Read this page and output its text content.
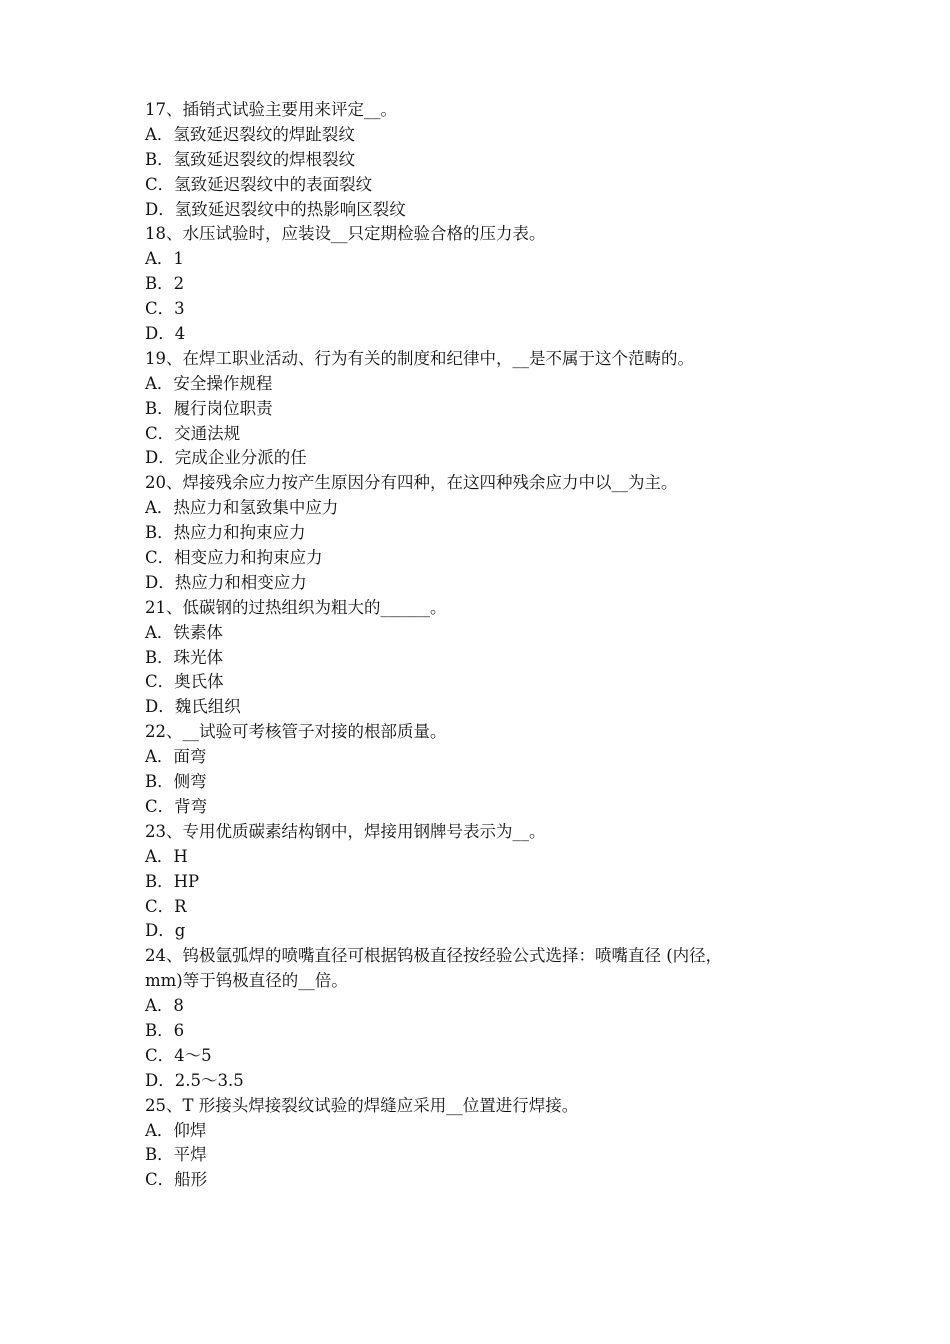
17、插销式试验主要用来评定__。
A．氢致延迟裂纹的焊趾裂纹
B．氢致延迟裂纹的焊根裂纹
C．氢致延迟裂纹中的表面裂纹
D．氢致延迟裂纹中的热影响区裂纹
18、水压试验时，应装设__只定期检验合格的压力表。
A．1
B．2
C．3
D．4
19、在焊工职业活动、行为有关的制度和纪律中，__是不属于这个范畴的。
A．安全操作规程
B．履行岗位职责
C．交通法规
D．完成企业分派的任
20、焊接残余应力按产生原因分有四种，在这四种残余应力中以__为主。
A．热应力和氢致集中应力
B．热应力和拘束应力
C．相变应力和拘束应力
D．热应力和相变应力
21、低碳钢的过热组织为粗大的______。
A．铁素体
B．珠光体
C．奥氏体
D．魏氏组织
22、__试验可考核管子对接的根部质量。
A．面弯
B．侧弯
C．背弯
23、专用优质碳素结构钢中，焊接用钢牌号表示为__。
A．H
B．HP
C．R
D．g
24、钨极氩弧焊的喷嘴直径可根据钨极直径按经验公式选择：喷嘴直径 (内径，
mm)等于钨极直径的__倍。
A．8
B．6
C．4～5
D．2.5～3.5
25、T 形接头焊接裂纹试验的焊缝应采用__位置进行焊接。
A．仰焊
B．平焊
C．船形
